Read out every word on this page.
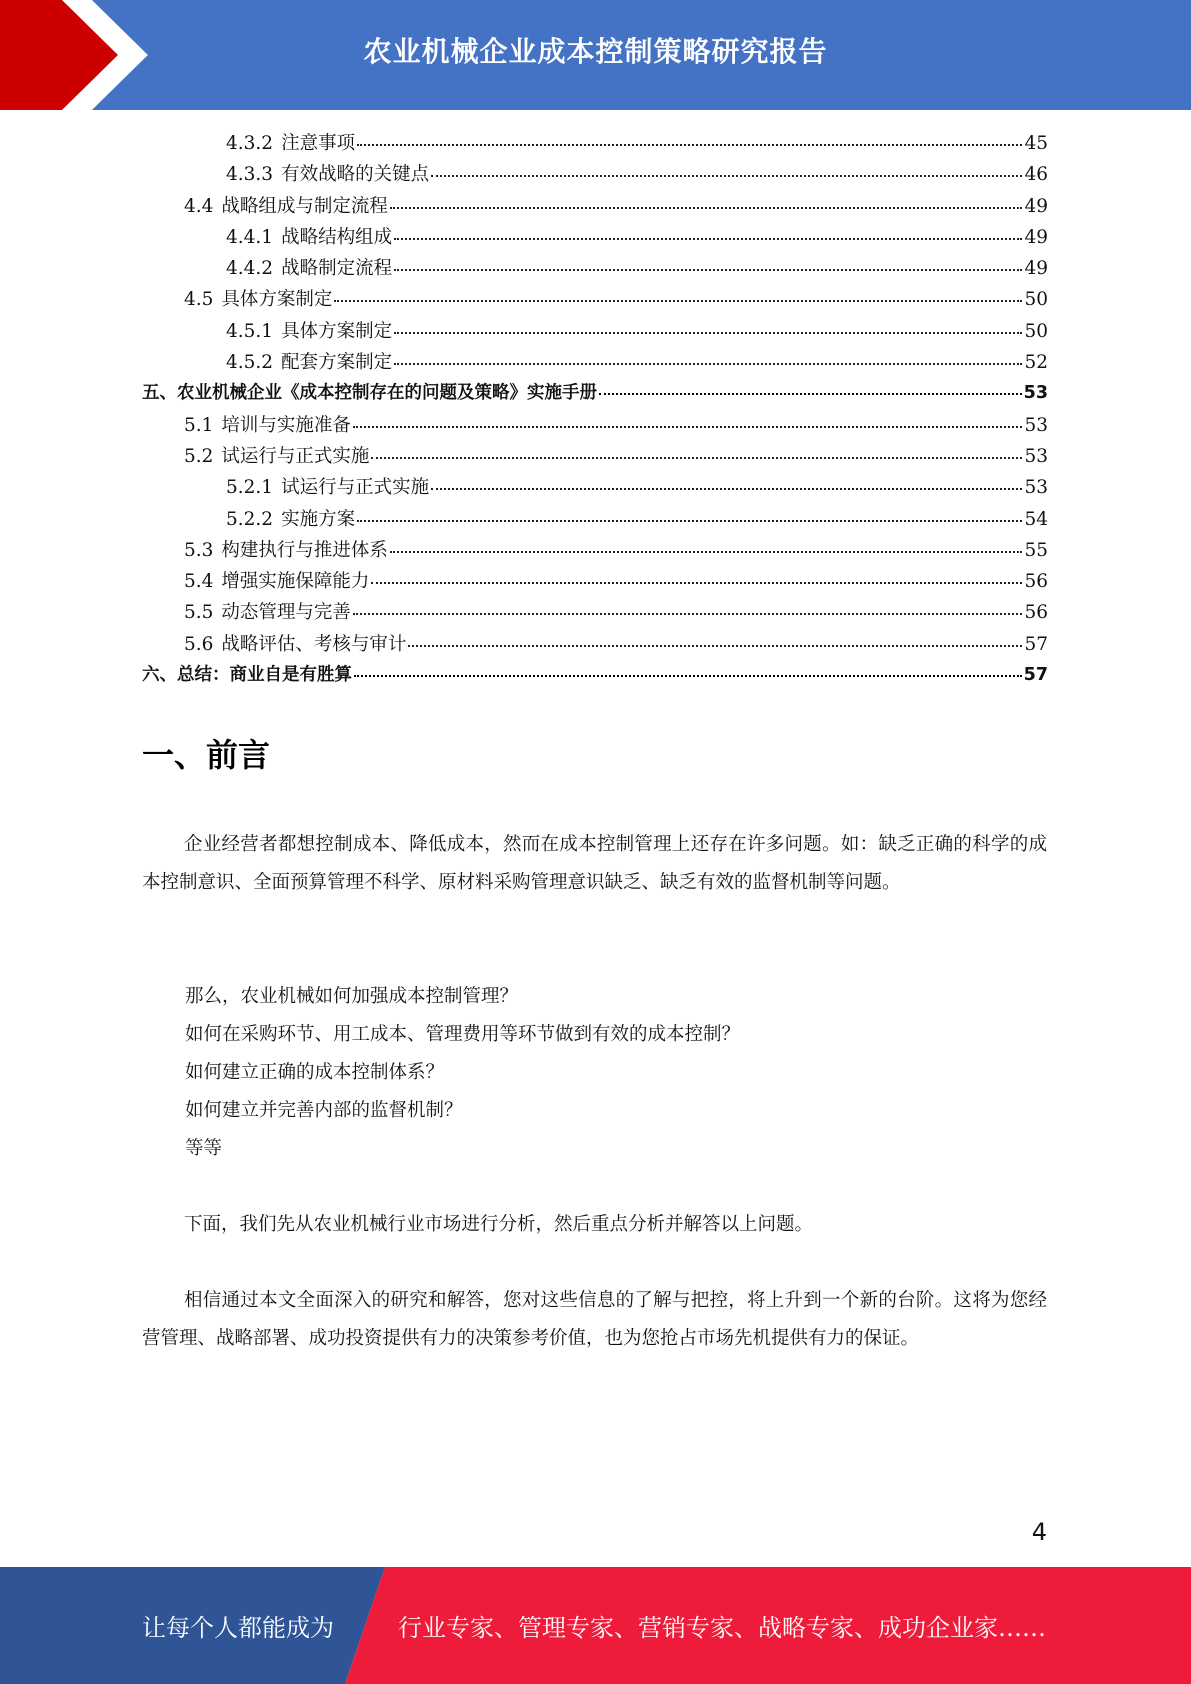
农业机械企业成本控制策略研究报告
4.3.2 注意事项	45
4.3.3 有效战略的关键点	46
4.4 战略组成与制定流程	49
4.4.1 战略结构组成	49
4.4.2 战略制定流程	49
4.5 具体方案制定	50
4.5.1 具体方案制定	50
4.5.2 配套方案制定	52
五、农业机械企业《成本控制存在的问题及策略》实施手册	53
5.1 培训与实施准备	53
5.2 试运行与正式实施	53
5.2.1 试运行与正式实施	53
5.2.2 实施方案	54
5.3 构建执行与推进体系	55
5.4 增强实施保障能力	56
5.5 动态管理与完善	56
5.6 战略评估、考核与审计	57
六、总结：商业自是有胜算	57
一、前言
企业经营者都想控制成本、降低成本，然而在成本控制管理上还存在许多问题。如：缺乏正确的科学的成本控制意识、全面预算管理不科学、原材料采购管理意识缺乏、缺乏有效的监督机制等问题。
那么，农业机械如何加强成本控制管理？
如何在采购环节、用工成本、管理费用等环节做到有效的成本控制？
如何建立正确的成本控制体系？
如何建立并完善内部的监督机制？
等等
下面，我们先从农业机械行业市场进行分析，然后重点分析并解答以上问题。
相信通过本文全面深入的研究和解答，您对这些信息的了解与把控，将上升到一个新的台阶。这将为您经营管理、战略部署、成功投资提供有力的决策参考价值，也为您抢占市场先机提供有力的保证。
4
让每个人都能成为	行业专家、管理专家、营销专家、战略专家、成功企业家……
